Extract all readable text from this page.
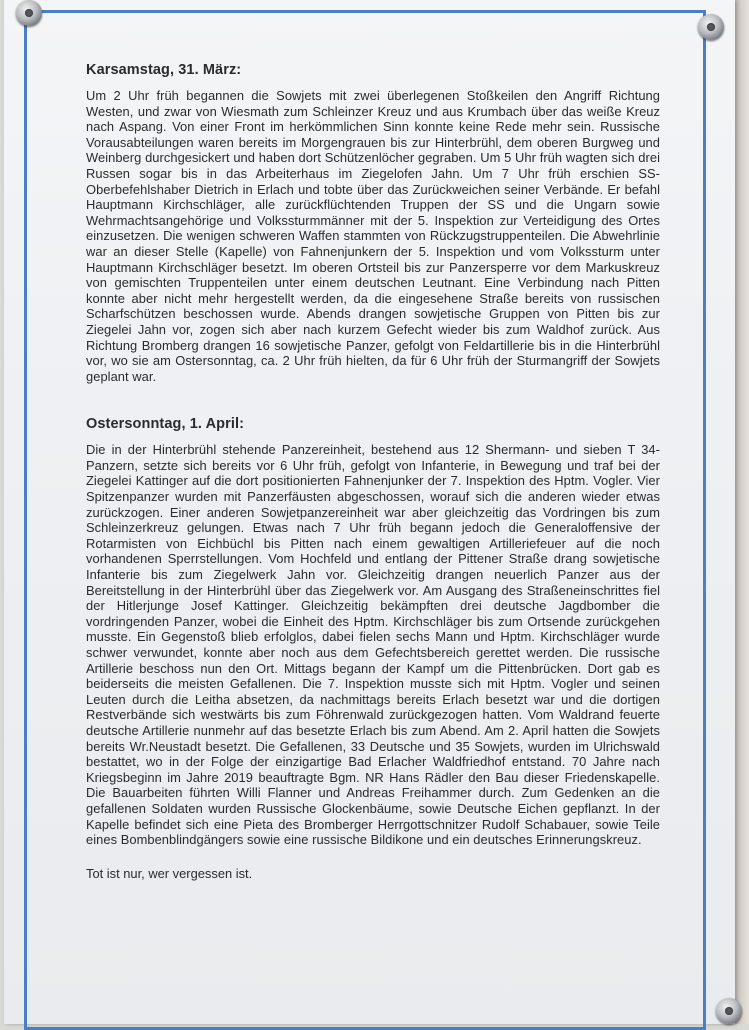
Karsamstag, 31. März:

Um 2 Uhr früh begannen die Sowjets mit zwei überlegenen Stoßkeilen den Angriff Richtung Westen, und zwar von Wiesmath zum Schleinzer Kreuz und aus Krumbach über das weiße Kreuz nach Aspang. Von einer Front im herkömmlichen Sinn konnte keine Rede mehr sein. Russische Vorausabteilungen waren bereits im Morgengrauen bis zur Hinterbrühl, dem oberen Burgweg und Weinberg durchgesickert und haben dort Schützenlöcher gegraben. Um 5 Uhr früh wagten sich drei Russen sogar bis in das Arbeiterhaus im Ziegelofen Jahn. Um 7 Uhr früh erschien SS-Oberbefehlshaber Dietrich in Erlach und tobte über das Zurückweichen seiner Verbände. Er befahl Hauptmann Kirchschläger, alle zurückflüchtenden Truppen der SS und die Ungarn sowie Wehrmachtsangehörige und Volkssturmmänner mit der 5. Inspektion zur Verteidigung des Ortes einzusetzen. Die wenigen schweren Waffen stammten von Rückzugstruppenteilen. Die Abwehrlinie war an dieser Stelle (Kapelle) von Fahnenjunkern der 5. Inspektion und vom Volkssturm unter Hauptmann Kirchschläger besetzt. Im oberen Ortsteil bis zur Panzersperre vor dem Markuskreuz von gemischten Truppenteilen unter einem deutschen Leutnant. Eine Verbindung nach Pitten konnte aber nicht mehr hergestellt werden, da die eingesehene Straße bereits von russischen Scharfschützen beschossen wurde. Abends drangen sowjetische Gruppen von Pitten bis zur Ziegelei Jahn vor, zogen sich aber nach kurzem Gefecht wieder bis zum Waldhof zurück. Aus Richtung Bromberg drangen 16 sowjetische Panzer, gefolgt von Feldartillerie bis in die Hinterbrühl vor, wo sie am Ostersonntag, ca. 2 Uhr früh hielten, da für 6 Uhr früh der Sturmangriff der Sowjets geplant war.

Ostersonntag, 1. April:

Die in der Hinterbrühl stehende Panzereinheit, bestehend aus 12 Shermann- und sieben T 34-Panzern, setzte sich bereits vor 6 Uhr früh, gefolgt von Infanterie, in Bewegung und traf bei der Ziegelei Kattinger auf die dort positionierten Fahnenjunker der 7. Inspektion des Hptm. Vogler. Vier Spitzenpanzer wurden mit Panzerfäusten abgeschossen, worauf sich die anderen wieder etwas zurückzogen. Einer anderen Sowjetpanzereinheit war aber gleichzeitig das Vordringen bis zum Schleinzerkreuz gelungen. Etwas nach 7 Uhr früh begann jedoch die Generaloffensive der Rotarmisten von Eichbüchl bis Pitten nach einem gewaltigen Artilleriefeuer auf die noch vorhandenen Sperrstellungen. Vom Hochfeld und entlang der Pittener Straße drang sowjetische Infanterie bis zum Ziegelwerk Jahn vor. Gleichzeitig drangen neuerlich Panzer aus der Bereitstellung in der Hinterbrühl über das Ziegelwerk vor. Am Ausgang des Straßeneinschrittes fiel der Hitlerjunge Josef Kattinger. Gleichzeitig bekämpften drei deutsche Jagdbomber die vordringenden Panzer, wobei die Einheit des Hptm. Kirchschläger bis zum Ortsende zurückgehen musste. Ein Gegenstoß blieb erfolglos, dabei fielen sechs Mann und Hptm. Kirchschläger wurde schwer verwundet, konnte aber noch aus dem Gefechtsbereich gerettet werden. Die russische Artillerie beschoss nun den Ort. Mittags begann der Kampf um die Pittenbrücken. Dort gab es beiderseits die meisten Gefallenen. Die 7. Inspektion musste sich mit Hptm. Vogler und seinen Leuten durch die Leitha absetzen, da nachmittags bereits Erlach besetzt war und die dortigen Restverbände sich westwärts bis zum Föhrenwald zurückgezogen hatten. Vom Waldrand feuerte deutsche Artillerie nunmehr auf das besetzte Erlach bis zum Abend. Am 2. April hatten die Sowjets bereits Wr.Neustadt besetzt. Die Gefallenen, 33 Deutsche und 35 Sowjets, wurden im Ulrichswald bestattet, wo in der Folge der einzigartige Bad Erlacher Waldfriedhof entstand. 70 Jahre nach Kriegsbeginn im Jahre 2019 beauftragte Bgm. NR Hans Rädler den Bau dieser Friedenskapelle. Die Bauarbeiten führten Willi Flanner und Andreas Freihammer durch. Zum Gedenken an die gefallenen Soldaten wurden Russische Glockenbäume, sowie Deutsche Eichen gepflanzt. In der Kapelle befindet sich eine Pieta des Bromberger Herrgottschnitzer Rudolf Schabauer, sowie Teile eines Bombenblindgängers sowie eine russische Bildikone und ein deutsches Erinnerungskreuz.

Tot ist nur, wer vergessen ist.
